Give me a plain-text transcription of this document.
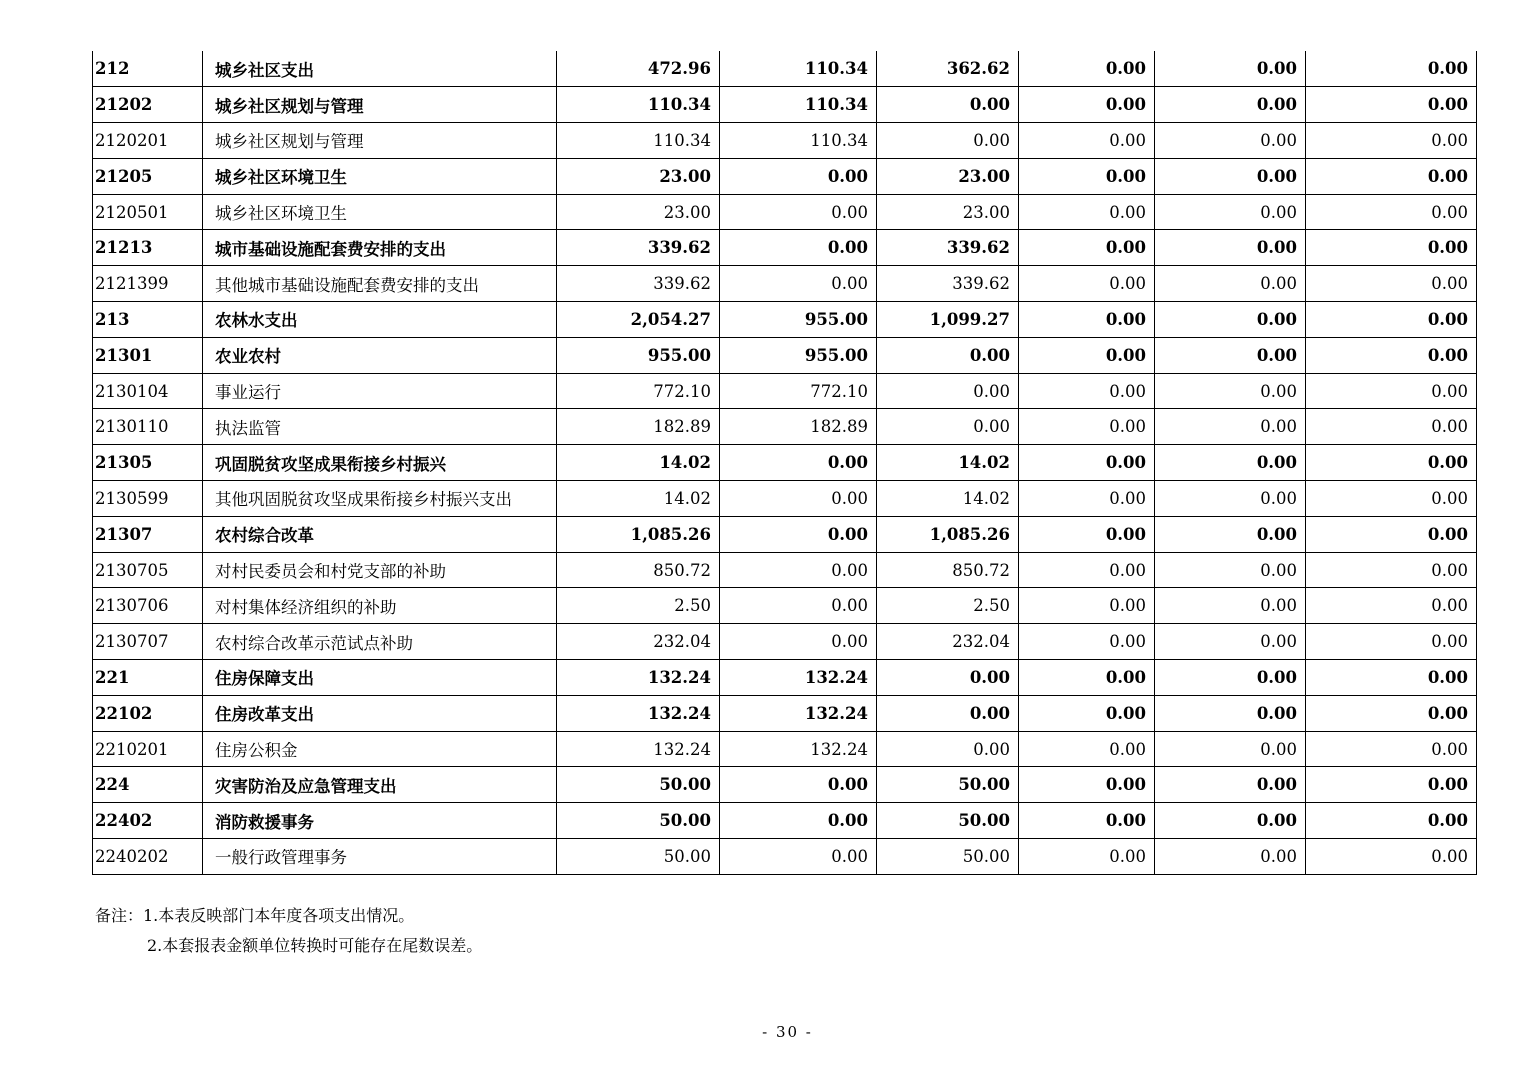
212	城乡社区支出	472.96	110.34	362.62	0.00	0.00	0.00
21202	城乡社区规划与管理	110.34	110.34	0.00	0.00	0.00	0.00
2120201	城乡社区规划与管理	110.34	110.34	0.00	0.00	0.00	0.00
21205	城乡社区环境卫生	23.00	0.00	23.00	0.00	0.00	0.00
2120501	城乡社区环境卫生	23.00	0.00	23.00	0.00	0.00	0.00
21213	城市基础设施配套费安排的支出	339.62	0.00	339.62	0.00	0.00	0.00
2121399	其他城市基础设施配套费安排的支出	339.62	0.00	339.62	0.00	0.00	0.00
213	农林水支出	2,054.27	955.00	1,099.27	0.00	0.00	0.00
21301	农业农村	955.00	955.00	0.00	0.00	0.00	0.00
2130104	事业运行	772.10	772.10	0.00	0.00	0.00	0.00
2130110	执法监管	182.89	182.89	0.00	0.00	0.00	0.00
21305	巩固脱贫攻坚成果衔接乡村振兴	14.02	0.00	14.02	0.00	0.00	0.00
2130599	其他巩固脱贫攻坚成果衔接乡村振兴支出	14.02	0.00	14.02	0.00	0.00	0.00
21307	农村综合改革	1,085.26	0.00	1,085.26	0.00	0.00	0.00
2130705	对村民委员会和村党支部的补助	850.72	0.00	850.72	0.00	0.00	0.00
2130706	对村集体经济组织的补助	2.50	0.00	2.50	0.00	0.00	0.00
2130707	农村综合改革示范试点补助	232.04	0.00	232.04	0.00	0.00	0.00
221	住房保障支出	132.24	132.24	0.00	0.00	0.00	0.00
22102	住房改革支出	132.24	132.24	0.00	0.00	0.00	0.00
2210201	住房公积金	132.24	132.24	0.00	0.00	0.00	0.00
224	灾害防治及应急管理支出	50.00	0.00	50.00	0.00	0.00	0.00
22402	消防救援事务	50.00	0.00	50.00	0.00	0.00	0.00
2240202	一般行政管理事务	50.00	0.00	50.00	0.00	0.00	0.00
备注：1.本表反映部门本年度各项支出情况。
2.本套报表金额单位转换时可能存在尾数误差。
- 30 -
